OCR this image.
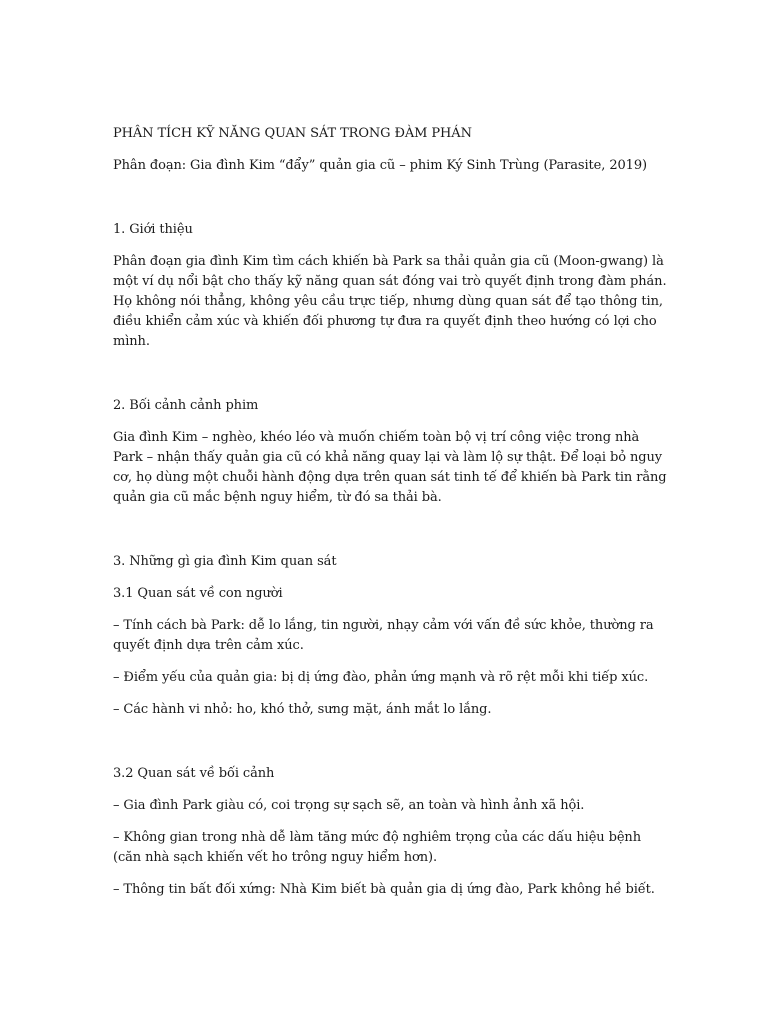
PHÂN TÍCH KỸ NĂNG QUAN SÁT TRONG ĐÀM PHÁN

Phân đoạn: Gia đình Kim “đẩy” quản gia cũ – phim Ký Sinh Trùng (Parasite, 2019)

1. Giới thiệu

Phân đoạn gia đình Kim tìm cách khiến bà Park sa thải quản gia cũ (Moon-gwang) là một ví dụ nổi bật cho thấy kỹ năng quan sát đóng vai trò quyết định trong đàm phán. Họ không nói thẳng, không yêu cầu trực tiếp, nhưng dùng quan sát để tạo thông tin, điều khiển cảm xúc và khiến đối phương tự đưa ra quyết định theo hướng có lợi cho mình.

2. Bối cảnh cảnh phim

Gia đình Kim – nghèo, khéo léo và muốn chiếm toàn bộ vị trí công việc trong nhà Park – nhận thấy quản gia cũ có khả năng quay lại và làm lộ sự thật. Để loại bỏ nguy cơ, họ dùng một chuỗi hành động dựa trên quan sát tinh tế để khiến bà Park tin rằng quản gia cũ mắc bệnh nguy hiểm, từ đó sa thải bà.

3. Những gì gia đình Kim quan sát

3.1 Quan sát về con người

– Tính cách bà Park: dễ lo lắng, tin người, nhạy cảm với vấn đề sức khỏe, thường ra quyết định dựa trên cảm xúc.

– Điểm yếu của quản gia: bị dị ứng đào, phản ứng mạnh và rõ rệt mỗi khi tiếp xúc.

– Các hành vi nhỏ: ho, khó thở, sưng mặt, ánh mắt lo lắng.

3.2 Quan sát về bối cảnh

– Gia đình Park giàu có, coi trọng sự sạch sẽ, an toàn và hình ảnh xã hội.

– Không gian trong nhà dễ làm tăng mức độ nghiêm trọng của các dấu hiệu bệnh (căn nhà sạch khiến vết ho trông nguy hiểm hơn).

– Thông tin bất đối xứng: Nhà Kim biết bà quản gia dị ứng đào, Park không hề biết.
